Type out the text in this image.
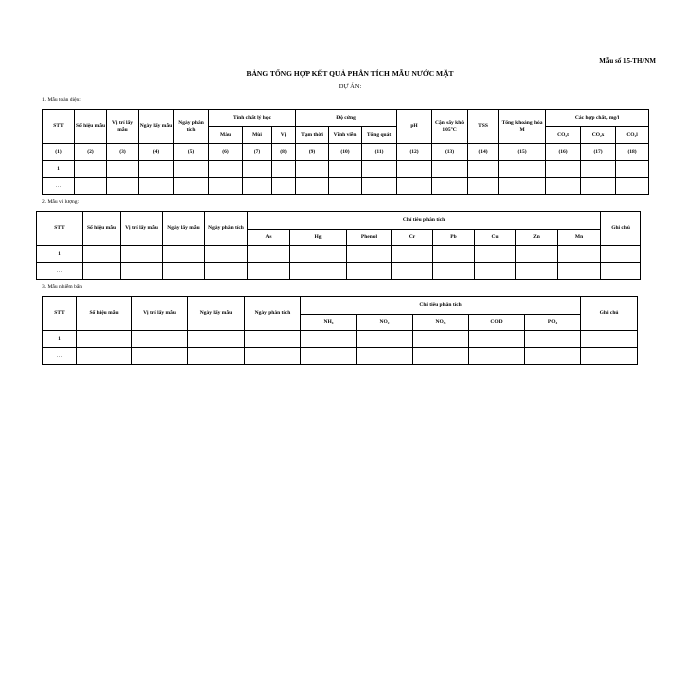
Mẫu số 15-TH/NM
BẢNG TỔNG HỢP KẾT QUẢ PHÂN TÍCH MẪU NƯỚC MẶT
DỰ ÁN:
1. Mẫu toàn diện:
STT	Số hiệu mẫu	Vị trí lấy mẫu	Ngày lấy mẫu	Ngày phân tích	Tính chất lý học			Độ cứng			pH	Cặn sấy khô 105°C	TSS	Tổng khoáng hóa M	Các hợp chất, mg/l		
					Màu	Mùi	Vị	Tạm thời	Vĩnh viễn	Tổng quát					CO₂t	CO₂x	CO₂l
(1)	(2)	(3)	(4)	(5)	(6)	(7)	(8)	(9)	(10)	(11)	(12)	(13)	(14)	(15)	(16)	(17)	(18)
1																	
…																	
2. Mẫu vi lượng:
STT	Số hiệu mẫu	Vị trí lấy mẫu	Ngày lấy mẫu	Ngày phân tích	Chỉ tiêu phân tích								Ghi chú
					As	Hg	Phenol	Cr	Pb	Cu	Zn	Mn	
1													
…													
3. Mẫu nhiễm bẩn
STT	Số hiệu mẫu	Vị trí lấy mẫu	Ngày lấy mẫu	Ngày phân tích	Chỉ tiêu phân tích					Ghi chú
					NH₄	NO₂	NO₃	COD	PO₄	
1										
…										
